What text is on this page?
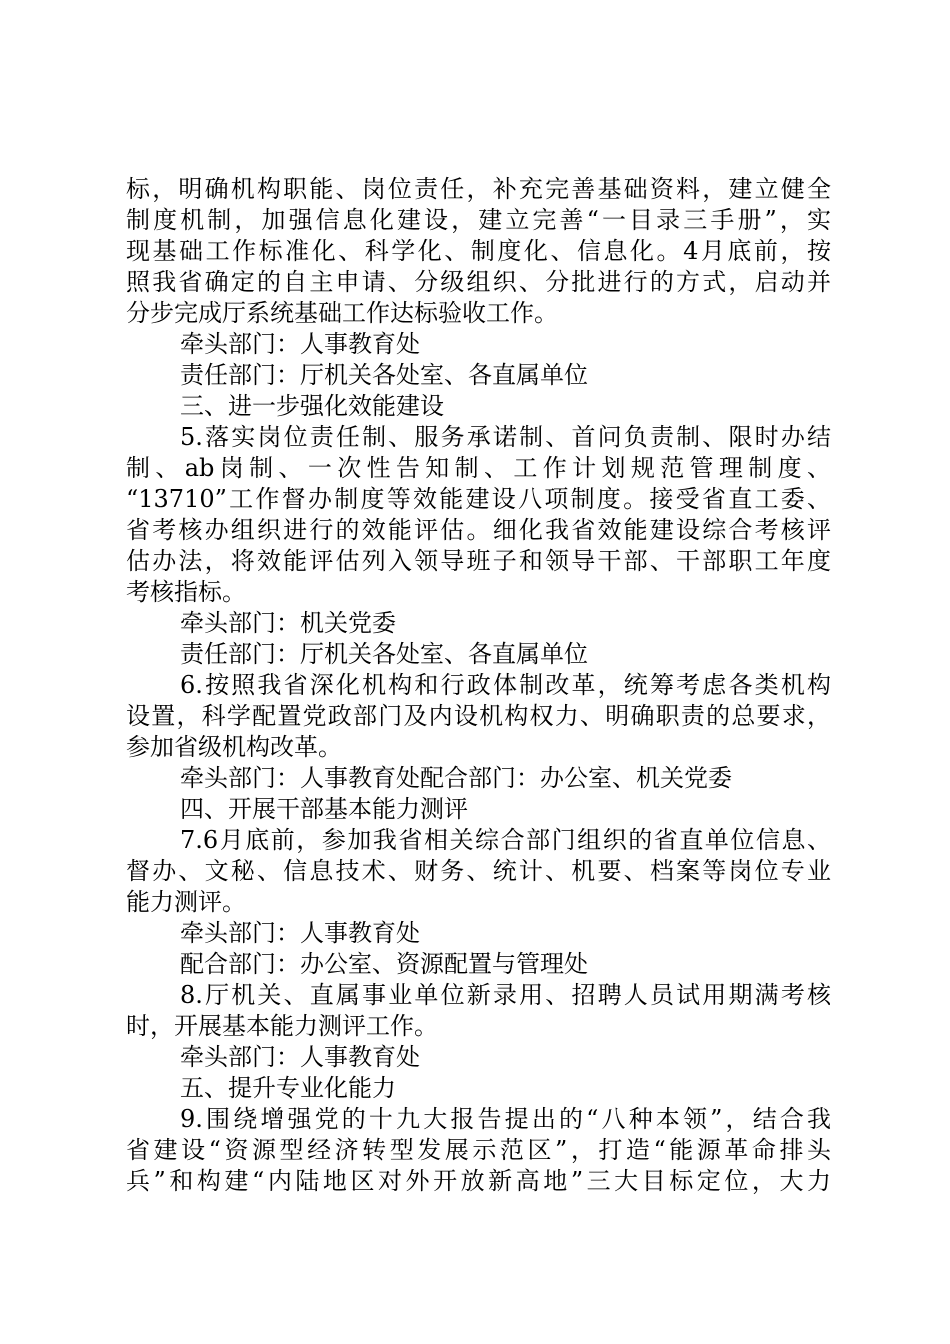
标，明确机构职能、岗位责任，补充完善基础资料，建立健全
制度机制，加强信息化建设，建立完善“一目录三手册”，实
现基础工作标准化、科学化、制度化、信息化。4月底前，按
照我省确定的自主申请、分级组织、分批进行的方式，启动并
分步完成厅系统基础工作达标验收工作。
牵头部门：人事教育处
责任部门：厅机关各处室、各直属单位
三、进一步强化效能建设
5.落实岗位责任制、服务承诺制、首问负责制、限时办结
制、ab岗制、一次性告知制、工作计划规范管理制度、
“13710”工作督办制度等效能建设八项制度。接受省直工委、
省考核办组织进行的效能评估。细化我省效能建设综合考核评
估办法，将效能评估列入领导班子和领导干部、干部职工年度
考核指标。
牵头部门：机关党委
责任部门：厅机关各处室、各直属单位
6.按照我省深化机构和行政体制改革，统筹考虑各类机构
设置，科学配置党政部门及内设机构权力、明确职责的总要求，
参加省级机构改革。
牵头部门：人事教育处配合部门：办公室、机关党委
四、开展干部基本能力测评
7.6月底前，参加我省相关综合部门组织的省直单位信息、
督办、文秘、信息技术、财务、统计、机要、档案等岗位专业
能力测评。
牵头部门：人事教育处
配合部门：办公室、资源配置与管理处
8.厅机关、直属事业单位新录用、招聘人员试用期满考核
时，开展基本能力测评工作。
牵头部门：人事教育处
五、提升专业化能力
9.围绕增强党的十九大报告提出的“八种本领”，结合我
省建设“资源型经济转型发展示范区”，打造“能源革命排头
兵”和构建“内陆地区对外开放新高地”三大目标定位，大力
